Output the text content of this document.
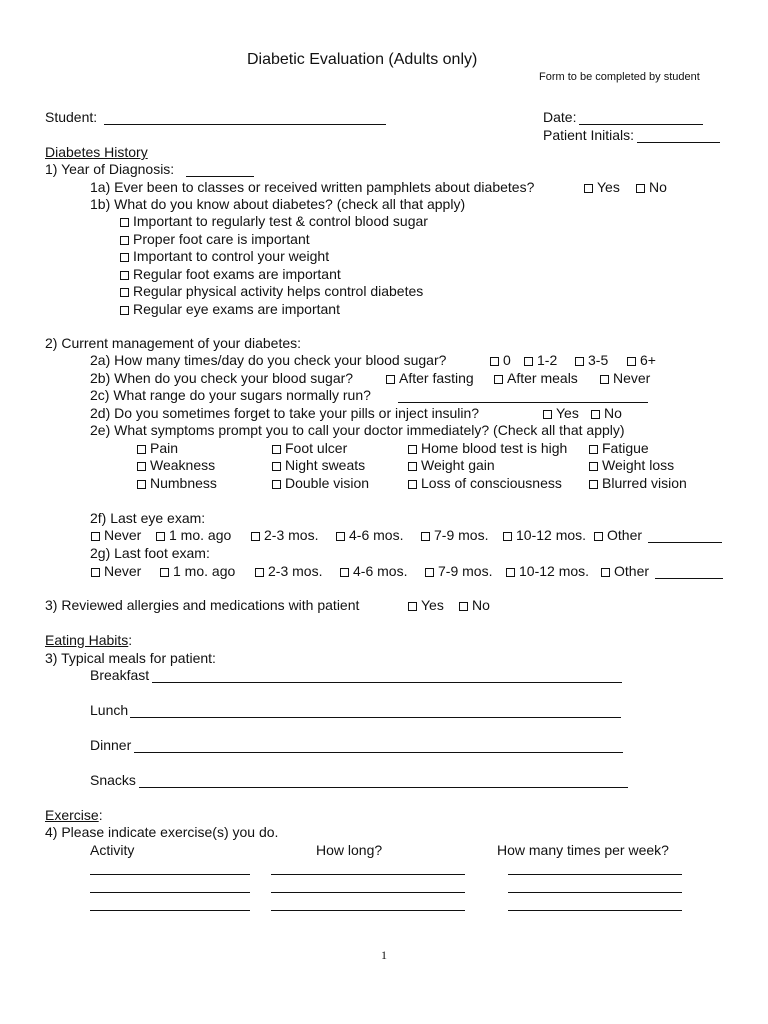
Diabetic Evaluation (Adults only)
Form to be completed by student
Student:	Date:
Patient Initials:
Diabetes History
1) Year of Diagnosis:
1a) Ever been to classes or received written pamphlets about diabetes?	Yes	No
1b) What do you know about diabetes? (check all that apply)
Important to regularly test & control blood sugar
Proper foot care is important
Important to control your weight
Regular foot exams are important
Regular physical activity helps control diabetes
Regular eye exams are important
2) Current management of your diabetes:
2a) How many times/day do you check your blood sugar?	0	1-2	3-5	6+
2b) When do you check your blood sugar?	After fasting	After meals	Never
2c) What range do your sugars normally run?
2d) Do you sometimes forget to take your pills or inject insulin?	Yes	No
2e) What symptoms prompt you to call your doctor immediately? (Check all that apply)
Pain	Foot ulcer	Home blood test is high	Fatigue
Weakness	Night sweats	Weight gain	Weight loss
Numbness	Double vision	Loss of consciousness	Blurred vision
2f) Last eye exam:
Never	1 mo. ago	2-3 mos.	4-6 mos.	7-9 mos.	10-12 mos.	Other
2g) Last foot exam:
Never	1 mo. ago	2-3 mos.	4-6 mos.	7-9 mos.	10-12 mos.	Other
3) Reviewed allergies and medications with patient	Yes	No
Eating Habits:
3) Typical meals for patient:
Breakfast
Lunch
Dinner
Snacks
Exercise:
4) Please indicate exercise(s) you do.
Activity	How long?	How many times per week?
1
